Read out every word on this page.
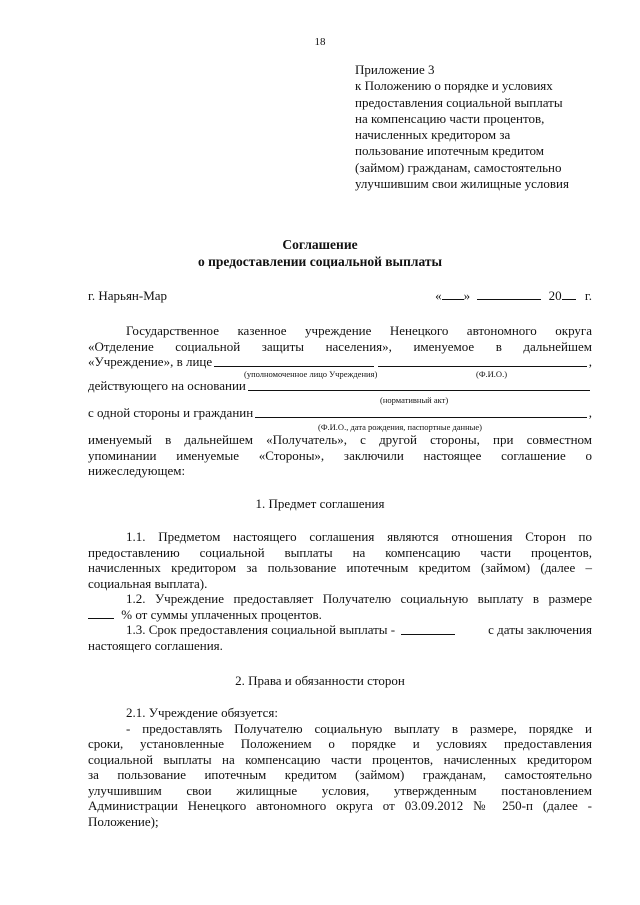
18
Приложение 3
к Положению о порядке и условиях
предоставления социальной выплаты
на компенсацию части процентов,
начисленных кредитором за
пользование ипотечным кредитом
(займом) гражданам, самостоятельно
улучшившим свои жилищные условия
Соглашение
о предоставлении социальной выплаты
г. Нарьян-Мар	« »	20 г.
Государственное казенное учреждение Ненецкого автономного округа
«Отделение социальной защиты населения», именуемое в дальнейшем
«Учреждение», в лице	,
(уполномоченное лицо Учреждения)	(Ф.И.О.)
действующего на основании
(нормативный акт)
с одной стороны и гражданин	,
(Ф.И.О., дата рождения, паспортные данные)
именуемый в дальнейшем «Получатель», с другой стороны, при совместном
упоминании именуемые «Стороны», заключили настоящее соглашение о
нижеследующем:
1. Предмет соглашения
1.1. Предметом настоящего соглашения являются отношения Сторон по
предоставлению социальной выплаты на компенсацию части процентов,
начисленных кредитором за пользование ипотечным кредитом (займом) (далее –
социальная выплата).
1.2. Учреждение предоставляет Получателю социальную выплату в размере
% от суммы уплаченных процентов.
1.3. Срок предоставления социальной выплаты -	с даты заключения
настоящего соглашения.
2. Права и обязанности сторон
2.1. Учреждение обязуется:
- предоставлять Получателю социальную выплату в размере, порядке и
сроки, установленные Положением о порядке и условиях предоставления
социальной выплаты на компенсацию части процентов, начисленных кредитором
за пользование ипотечным кредитом (займом) гражданам, самостоятельно
улучшившим свои жилищные условия, утвержденным постановлением
Администрации Ненецкого автономного округа от 03.09.2012 № 250-п (далее -
Положение);
